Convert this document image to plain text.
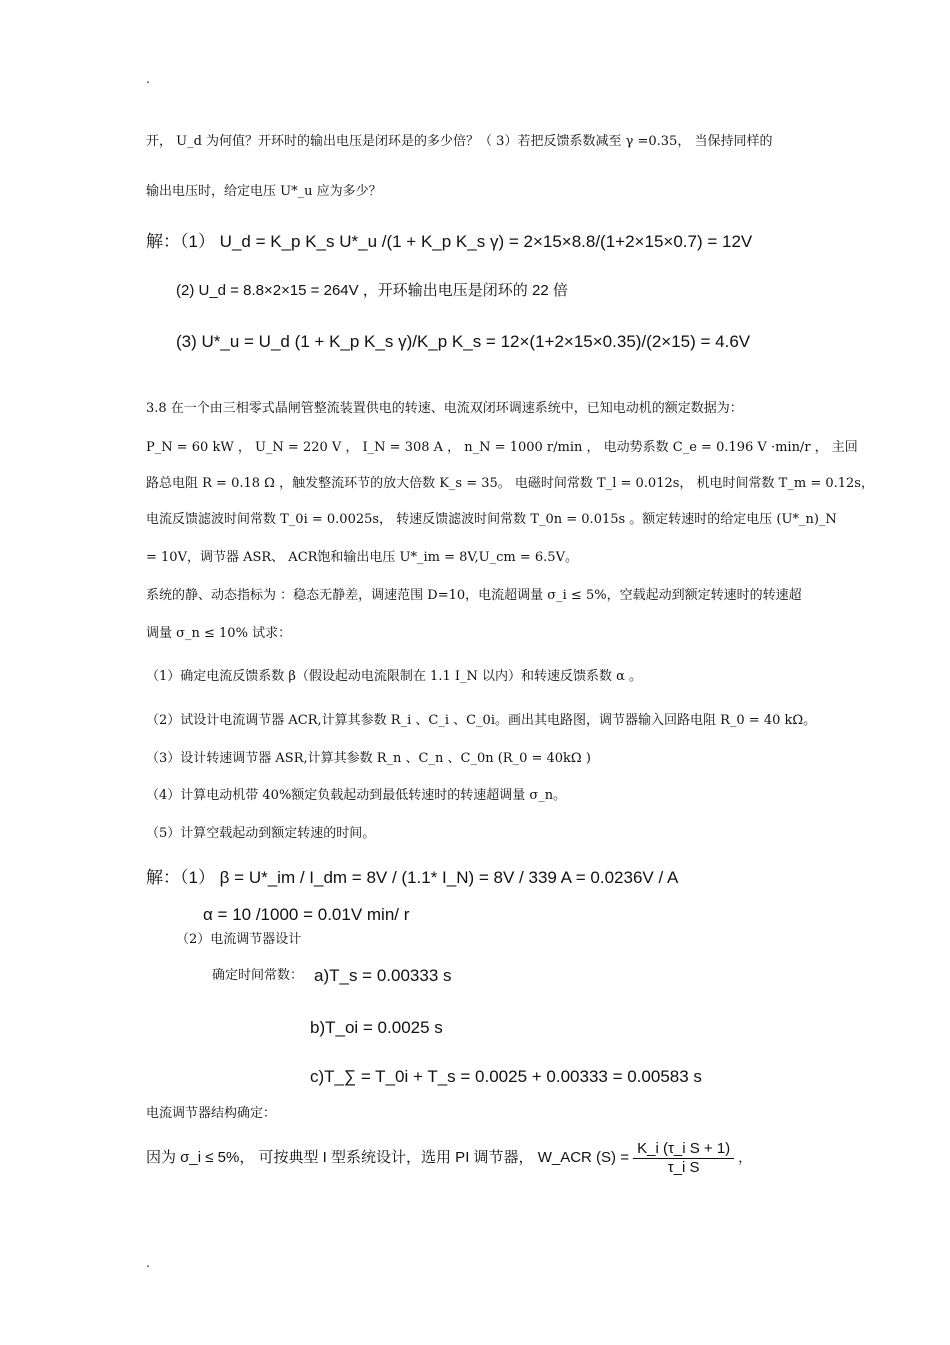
.
开， U_d 为何值？开环时的输出电压是闭环是的多少倍？（ 3）若把反馈系数减至 γ =0.35， 当保持同样的
输出电压时，给定电压 U*_u 应为多少？
解：（1） U_d = K_p K_s U*_u /(1 + K_p K_s γ) = 2×15×8.8/(1+2×15×0.7) = 12V
(2) U_d = 8.8×2×15 = 264V ，开环输出电压是闭环的 22 倍
(3) U*_u = U_d (1 + K_p K_s γ)/K_p K_s = 12×(1+2×15×0.35)/(2×15) = 4.6V
3.8 在一个由三相零式晶闸管整流装置供电的转速、电流双闭环调速系统中，已知电动机的额定数据为：
P_N = 60 kW ， U_N = 220 V ， I_N = 308 A ， n_N = 1000 r/min ， 电动势系数 C_e = 0.196 V ·min/r ， 主回
路总电阻 R = 0.18 Ω ，触发整流环节的放大倍数 K_s = 35。 电磁时间常数 T_l = 0.012s， 机电时间常数 T_m = 0.12s，
电流反馈滤波时间常数 T_0i = 0.0025s， 转速反馈滤波时间常数 T_0n = 0.015s 。额定转速时的给定电压 (U*_n)_N
= 10V，调节器 ASR、 ACR饱和输出电压 U*_im = 8V,U_cm = 6.5V。
系统的静、动态指标为 ：稳态无静差，调速范围 D=10，电流超调量 σ_i ≤ 5%，空载起动到额定转速时的转速超
调量 σ_n ≤ 10% 试求：
（1）确定电流反馈系数 β（假设起动电流限制在 1.1 I_N 以内）和转速反馈系数 α 。
（2）试设计电流调节器 ACR,计算其参数 R_i 、C_i 、C_0i。画出其电路图，调节器输入回路电阻 R_0 = 40 kΩ。
（3）设计转速调节器 ASR,计算其参数 R_n 、C_n 、C_0n (R_0 = 40kΩ )
（4）计算电动机带 40%额定负载起动到最低转速时的转速超调量 σ_n。
（5）计算空载起动到额定转速的时间。
解：（1） β = U*_im / I_dm = 8V / (1.1* I_N) = 8V / 339 A = 0.0236V / A
α = 10 /1000 = 0.01V min/ r
（2）电流调节器设计
确定时间常数： a)T_s = 0.00333 s
b)T_oi = 0.0025 s
c)T_∑ = T_0i + T_s = 0.0025 + 0.00333 = 0.00583 s
电流调节器结构确定：
因为 σ_i ≤ 5%， 可按典型 I 型系统设计，选用 PI 调节器， W_ACR $(S) = \frac{\text{K\_i (τ\_i S + 1)}}{\text{τ\_i S}}$ ，
.
